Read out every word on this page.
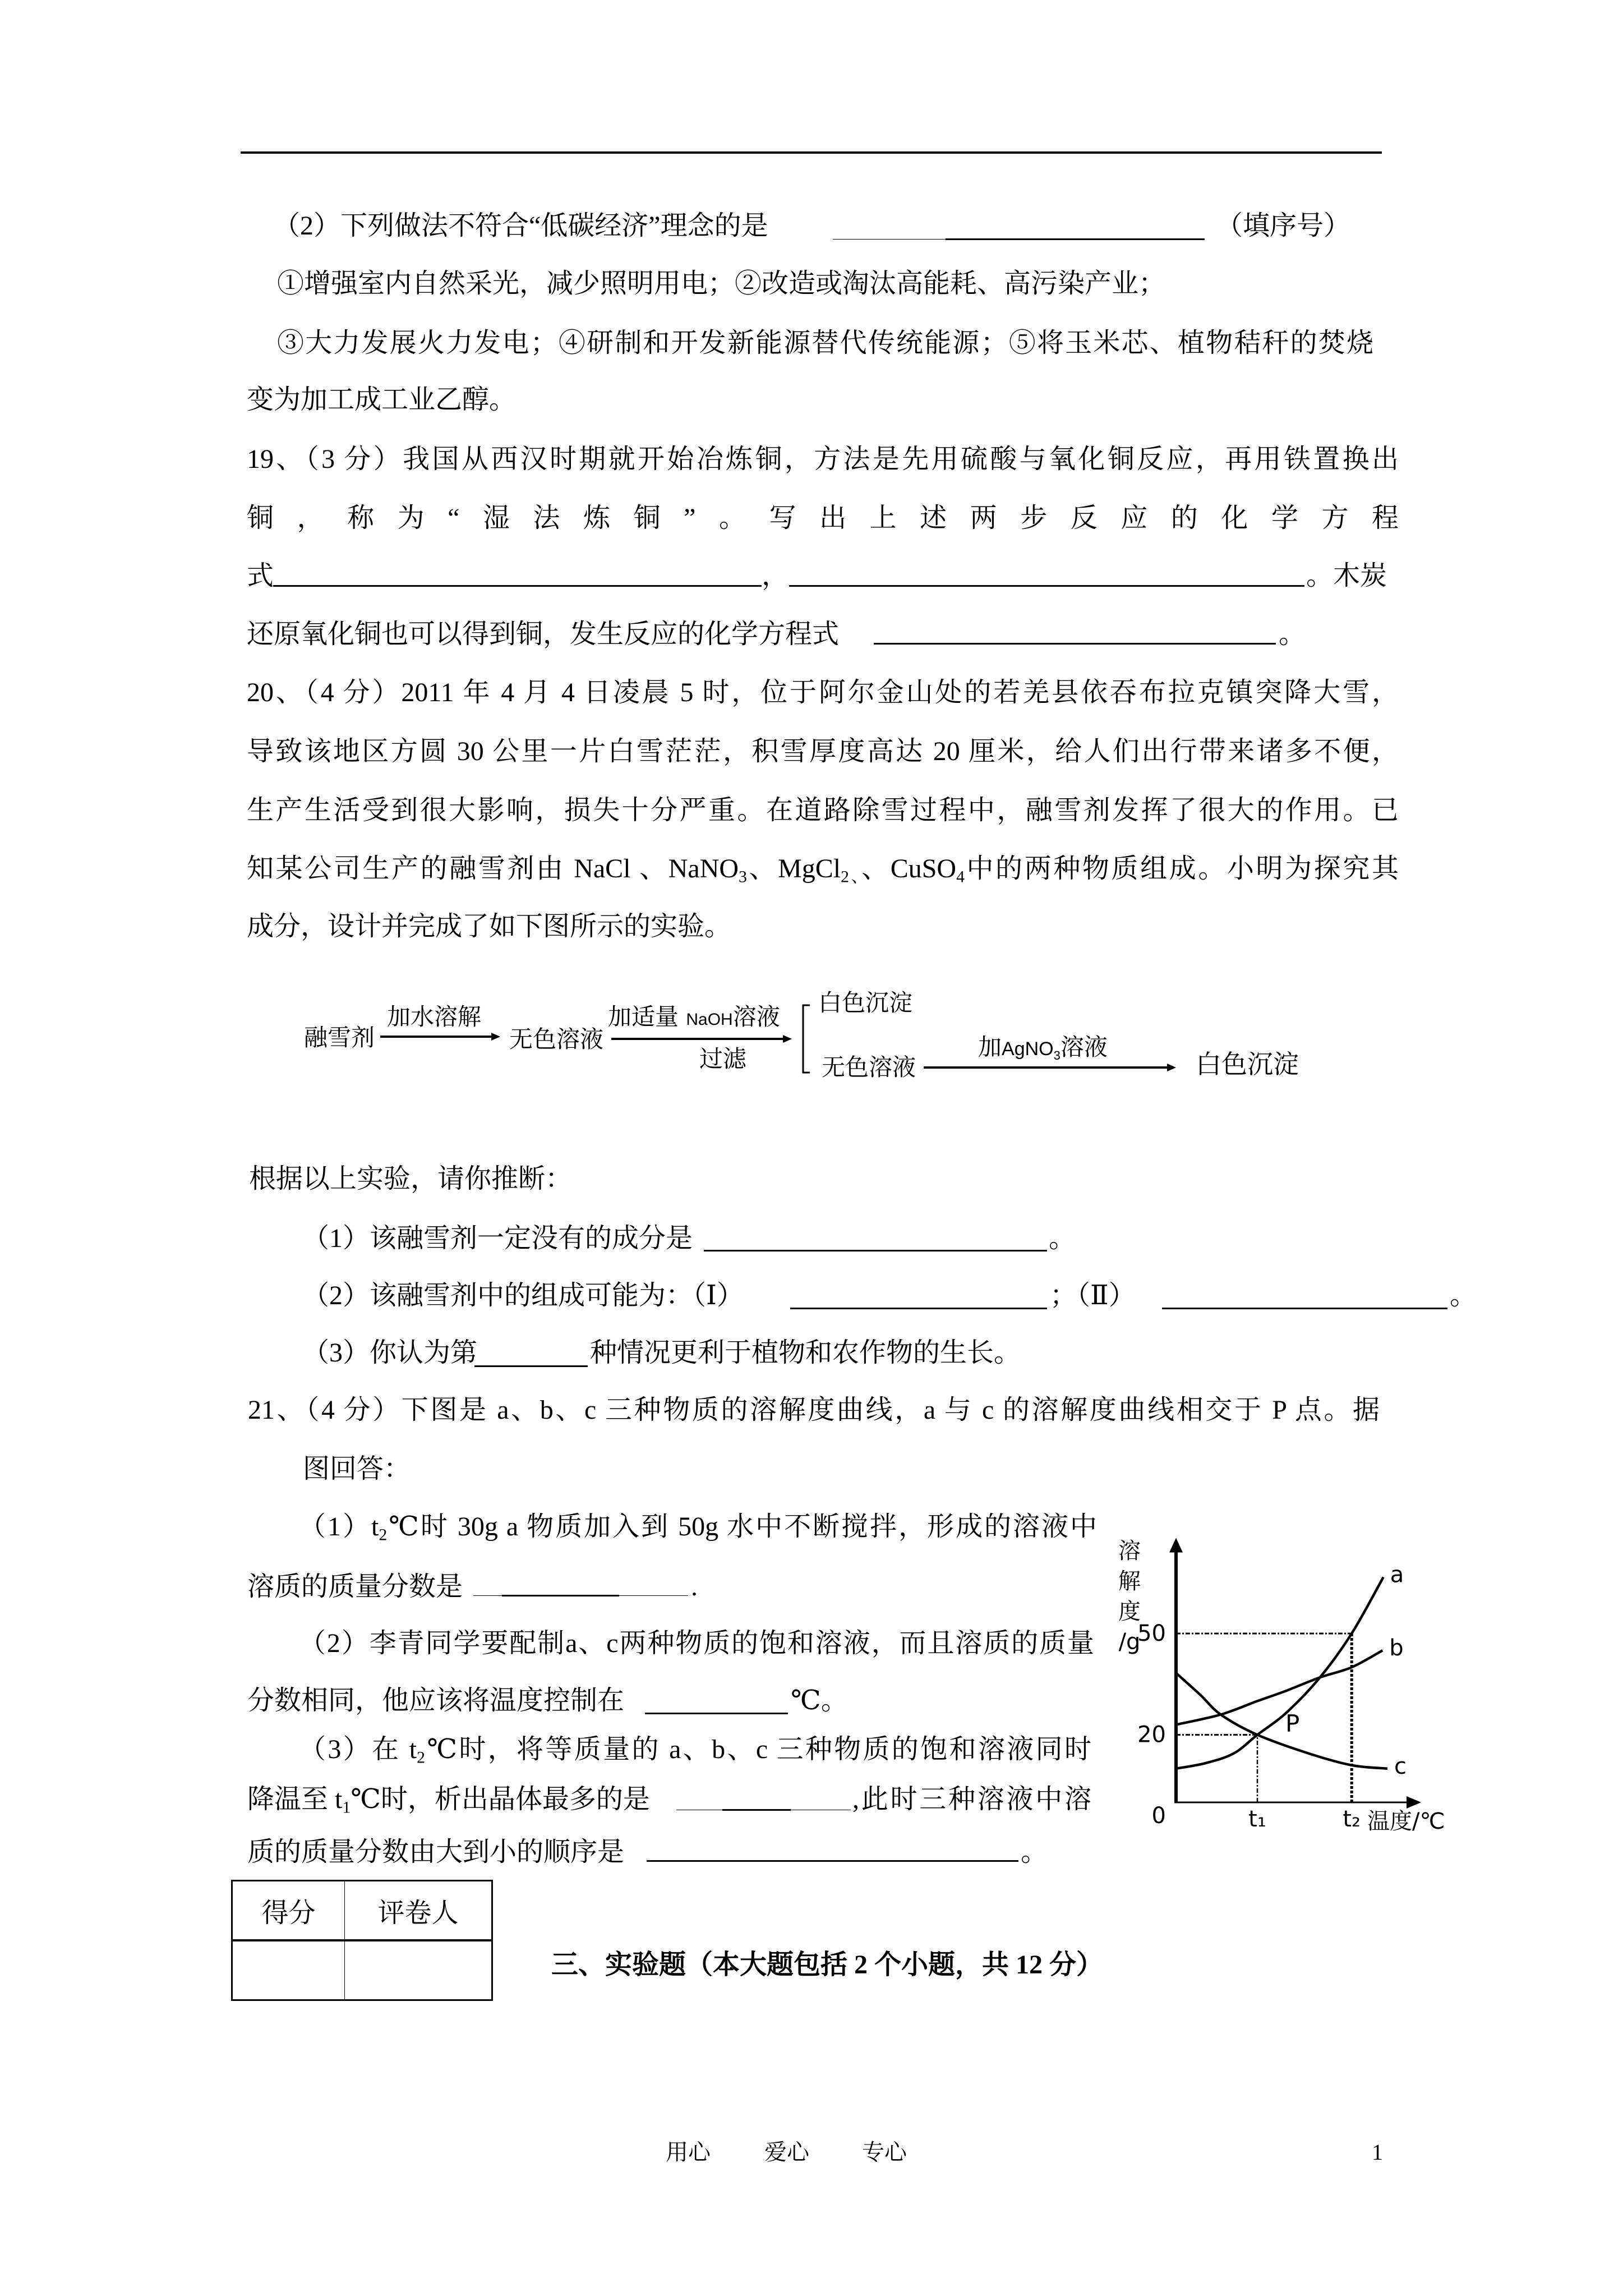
（2）下列做法不符合“低碳经济”理念的是	（填序号）
①增强室内自然采光，减少照明用电；②改造或淘汰高能耗、高污染产业；
③大力发展火力发电；④研制和开发新能源替代传统能源；⑤将玉米芯、植物秸秆的焚烧
变为加工成工业乙醇。
19、（3 分）我国从西汉时期就开始冶炼铜，方法是先用硫酸与氧化铜反应，再用铁置换出
铜，称为“湿法炼铜”。写出上述两步反应的化学方程
式	，	。木炭
还原氧化铜也可以得到铜，发生反应的化学方程式	。
20、（4 分）2011 年 4 月 4 日凌晨 5 时，位于阿尔金山处的若羌县依吞布拉克镇突降大雪，
导致该地区方圆 30 公里一片白雪茫茫，积雪厚度高达 20 厘米，给人们出行带来诸多不便，
生产生活受到很大影响，损失十分严重。在道路除雪过程中，融雪剂发挥了很大的作用。已
知某公司生产的融雪剂由 NaCl 、NaNO$_3$、MgCl$_{2、}$、CuSO$_4$中的两种物质组成。小明为探究其
成分，设计并完成了如下图所示的实验。
融雪剂
加水溶解
无色溶液
加适量 NaOH溶液
过滤
白色沉淀
无色溶液
加AgNO3溶液
白色沉淀
根据以上实验，请你推断：
（1）该融雪剂一定没有的成分是	。
（2）该融雪剂中的组成可能为：（Ⅰ）	；（Ⅱ）	。
（3）你认为第	种情况更利于植物和农作物的生长。
21、（4 分）下图是 a、b、c 三种物质的溶解度曲线，a 与 c 的溶解度曲线相交于 P 点。据
图回答：
$(1)t_2℃$时 30g a 物质加入到 50g 水中不断搅拌，形成的溶液中
溶质的质量分数是	.
（2）李青同学要配制a、c两种物质的饱和溶液，而且溶质的质量
分数相同，他应该将温度控制在	℃。
（3）在 $t_2℃$时，将等质量的 a、b、c 三种物质的饱和溶液同时
降温至 $t_1℃$时，析出晶体最多的是	,此时三种溶液中溶
质的质量分数由大到小的顺序是	。
a
b
c
P
0
20
50
t₁	t₂
溶
解
度
/g
温度/℃
得分	评卷人

三、实验题（本大题包括 2 个小题，共 12 分）
用心 爱心 专心	1
